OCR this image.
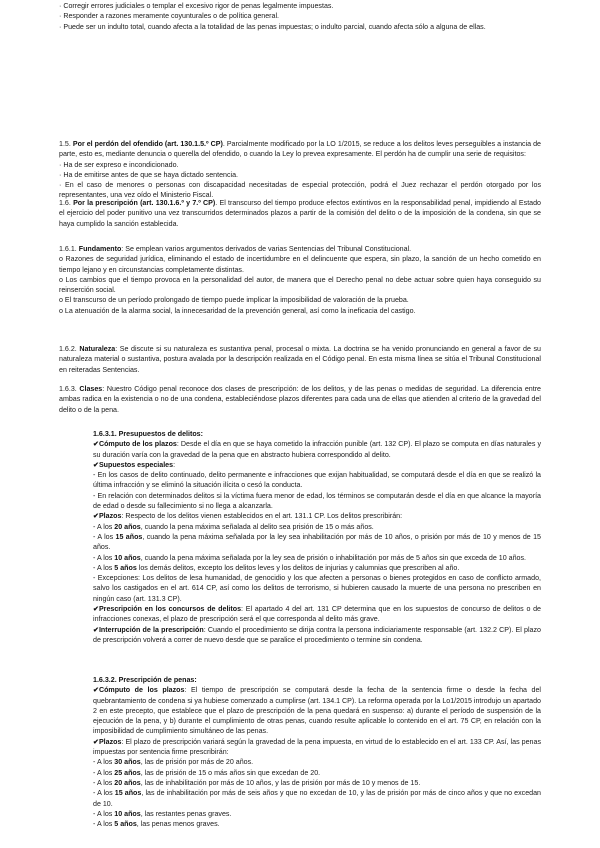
· Corregir errores judiciales o templar el excesivo rigor de penas legalmente impuestas.

· Responder a razones meramente coyunturales o de política general.

· Puede ser un indulto total, cuando afecta a la totalidad de las penas impuestas; o indulto parcial, cuando afecta sólo a alguna de ellas.

1.5. Por el perdón del ofendido (art. 130.1.5.º CP). Parcialmente modificado por la LO 1/2015, se reduce a los delitos leves perseguibles a instancia de parte, esto es, mediante denuncia o querella del ofendido, o cuando la Ley lo prevea expresamente. El perdón ha de cumplir una serie de requisitos:

· Ha de ser expreso e incondicionado.

· Ha de emitirse antes de que se haya dictado sentencia.

· En el caso de menores o personas con discapacidad necesitadas de especial protección, podrá el Juez rechazar el perdón otorgado por los representantes, una vez oído el Ministerio Fiscal.

1.6. Por la prescripción (art. 130.1.6.º y 7.º CP). El transcurso del tiempo produce efectos extintivos en la responsabilidad penal, impidiendo al Estado el ejercicio del poder punitivo una vez transcurridos determinados plazos a partir de la comisión del delito o de la imposición de la condena, sin que se haya cumplido la sanción establecida.

1.6.1. Fundamento: Se emplean varios argumentos derivados de varias Sentencias del Tribunal Constitucional.

o Razones de seguridad jurídica, eliminando el estado de incertidumbre en el delincuente que espera, sin plazo, la sanción de un hecho cometido en tiempo lejano y en circunstancias completamente distintas.

o Los cambios que el tiempo provoca en la personalidad del autor, de manera que el Derecho penal no debe actuar sobre quien haya conseguido su reinserción social.

o El transcurso de un período prolongado de tiempo puede implicar la imposibilidad de valoración de la prueba.

o La atenuación de la alarma social, la innecesaridad de la prevención general, así como la ineficacia del castigo.

1.6.2. Naturaleza: Se discute si su naturaleza es sustantiva penal, procesal o mixta. La doctrina se ha venido pronunciando en general a favor de su naturaleza material o sustantiva, postura avalada por la descripción realizada en el Código penal. En esta misma línea se sitúa el Tribunal Constitucional en reiteradas Sentencias.

1.6.3. Clases: Nuestro Código penal reconoce dos clases de prescripción: de los delitos, y de las penas o medidas de seguridad. La diferencia entre ambas radica en la existencia o no de una condena, estableciéndose plazos diferentes para cada una de ellas que atienden al criterio de la gravedad del delito o de la pena.

1.6.3.1. Presupuestos de delitos:

✔ Cómputo de los plazos: Desde el día en que se haya cometido la infracción punible (art. 132 CP). El plazo se computa en días naturales y su duración varía con la gravedad de la pena que en abstracto hubiera correspondido al delito.

✔ Supuestos especiales:

- En los casos de delito continuado, delito permanente e infracciones que exijan habitualidad, se computará desde el día en que se realizó la última infracción y se eliminó la situación ilícita o cesó la conducta.

- En relación con determinados delitos si la víctima fuera menor de edad, los términos se computarán desde el día en que alcance la mayoría de edad o desde su fallecimiento si no llega a alcanzarla.

✔ Plazos: Respecto de los delitos vienen establecidos en el art. 131.1 CP. Los delitos prescribirán:

- A los 20 años, cuando la pena máxima señalada al delito sea prisión de 15 o más años.

- A los 15 años, cuando la pena máxima señalada por la ley sea inhabilitación por más de 10 años, o prisión por más de 10 y menos de 15 años.

- A los 10 años, cuando la pena máxima señalada por la ley sea de prisión o inhabilitación por más de 5 años sin que exceda de 10 años.

- A los 5 años los demás delitos, excepto los delitos leves y los delitos de injurias y calumnias que prescriben al año.

- Excepciones: Los delitos de lesa humanidad, de genocidio y los que afecten a personas o bienes protegidos en caso de conflicto armado, salvo los castigados en el art. 614 CP, así como los delitos de terrorismo, si hubieren causado la muerte de una persona no prescriben en ningún caso (art. 131.3 CP).

✔ Prescripción en los concursos de delitos: El apartado 4 del art. 131 CP determina que en los supuestos de concurso de delitos o de infracciones conexas, el plazo de prescripción será el que corresponda al delito más grave.

✔ Interrupción de la prescripción: Cuando el procedimiento se dirija contra la persona indiciariamente responsable (art. 132.2 CP). El plazo de prescripción volverá a correr de nuevo desde que se paralice el procedimiento o termine sin condena.

1.6.3.2. Prescripción de penas:

✔ Cómputo de los plazos: El tiempo de prescripción se computará desde la fecha de la sentencia firme o desde la fecha del quebrantamiento de condena si ya hubiese comenzado a cumplirse (art. 134.1 CP). La reforma operada por la Lo1/2015 introdujo un apartado 2 en este precepto, que establece que el plazo de prescripción de la pena quedará en suspenso: a) durante el período de suspensión de la ejecución de la pena, y b) durante el cumplimiento de otras penas, cuando resulte aplicable lo contenido en el art. 75 CP, en relación con la imposibilidad de cumplimiento simultáneo de las penas.

✔ Plazos: El plazo de prescripción variará según la gravedad de la pena impuesta, en virtud de lo establecido en el art. 133 CP. Así, las penas impuestas por sentencia firme prescribirán:

- A los 30 años, las de prisión por más de 20 años.

- A los 25 años, las de prisión de 15 o más años sin que excedan de 20.

- A los 20 años, las de inhabilitación por más de 10 años, y las de prisión por más de 10 y menos de 15.

- A los 15 años, las de inhabilitación por más de seis años y que no excedan de 10, y las de prisión por más de cinco años y que no excedan de 10.

- A los 10 años, las restantes penas graves.

- A los 5 años, las penas menos graves.
